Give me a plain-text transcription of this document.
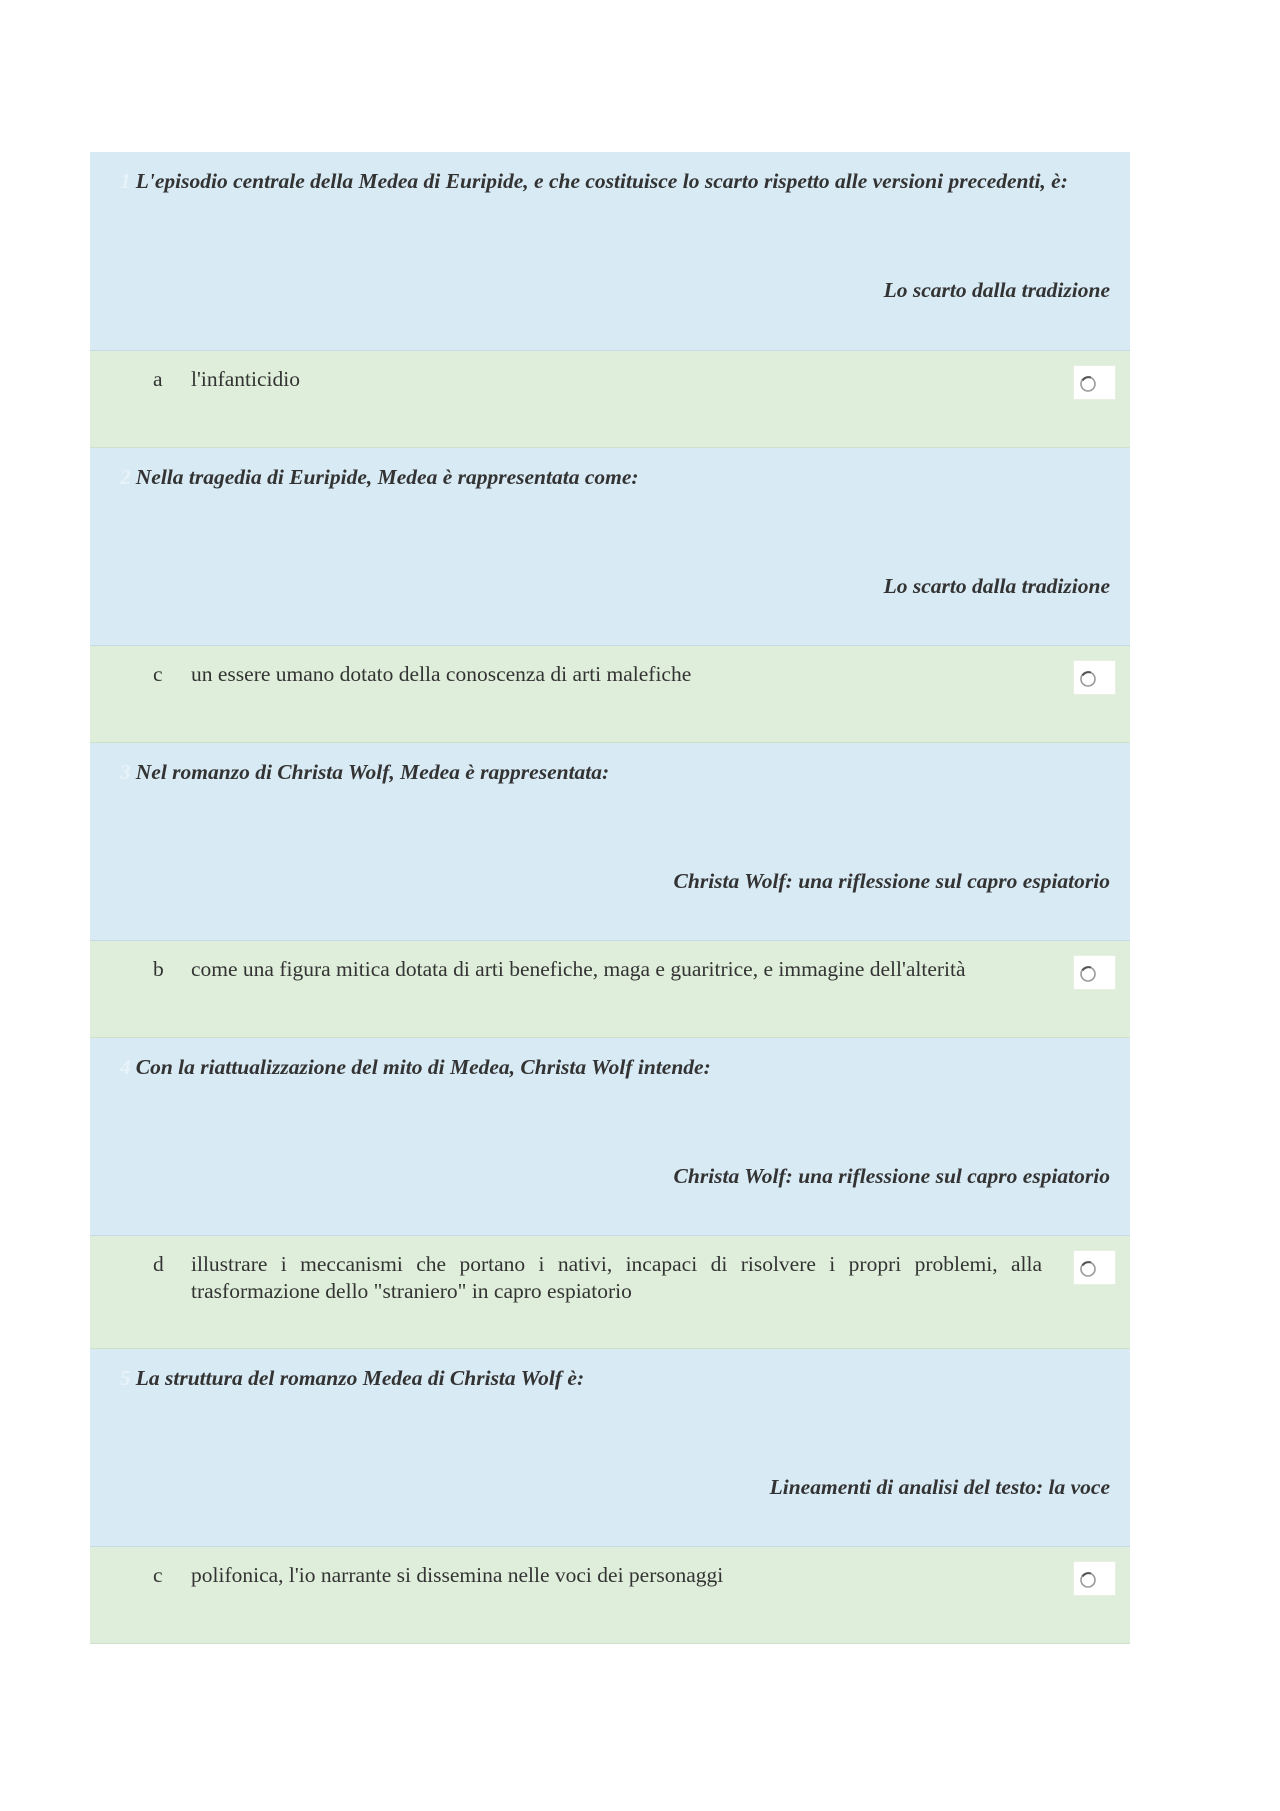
1 L'episodio centrale della Medea di Euripide, e che costituisce lo scarto rispetto alle versioni precedenti, è:
Lo scarto dalla tradizione
a l'infanticidio
2 Nella tragedia di Euripide, Medea è rappresentata come:
Lo scarto dalla tradizione
c un essere umano dotato della conoscenza di arti malefiche
3 Nel romanzo di Christa Wolf, Medea è rappresentata:
Christa Wolf: una riflessione sul capro espiatorio
b come una figura mitica dotata di arti benefiche, maga e guaritrice, e immagine dell'alterità
4 Con la riattualizzazione del mito di Medea, Christa Wolf intende:
Christa Wolf: una riflessione sul capro espiatorio
d illustrare i meccanismi che portano i nativi, incapaci di risolvere i propri problemi, alla trasformazione dello "straniero" in capro espiatorio
5 La struttura del romanzo Medea di Christa Wolf è:
Lineamenti di analisi del testo: la voce
c polifonica, l'io narrante si dissemina nelle voci dei personaggi
